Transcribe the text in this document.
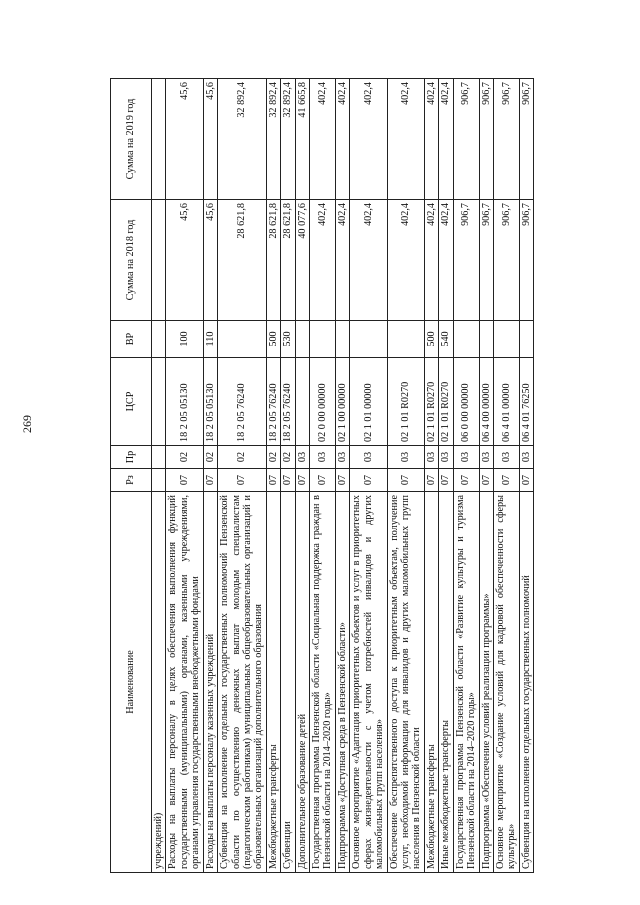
269
Наименование	Рз	Пр	ЦСР	ВР	Сумма на 2018 год	Сумма на 2019 год
учреждений)						
Расходы на выплаты персоналу в целях обеспечения выполнения функций государственными (муниципальными) органами, казенными учреждениями, органами управления государственными внебюджетными фондами	07	02	18 2 05 05130	100	45,6	45,6
Расходы на выплаты персоналу казенных учреждений	07	02	18 2 05 05130	110	45,6	45,6
Субвенция на исполнение отдельных государственных полномочий Пензенской области по осуществлению денежных выплат молодым специалистам (педагогическим работникам) муниципальных общеобразовательных организаций и образовательных организаций дополнительного образования	07	02	18 2 05 76240		28 621,8	32 892,4
Межбюджетные трансферты	07	02	18 2 05 76240	500	28 621,8	32 892,4
Субвенции	07	02	18 2 05 76240	530	28 621,8	32 892,4
Дополнительное образование детей	07	03			40 077,6	41 665,8
Государственная программа Пензенской области «Социальная поддержка граждан в Пензенской области на 2014–2020 годы»	07	03	02 0 00 00000		402,4	402,4
Подпрограмма «Доступная среда в Пензенской области»	07	03	02 1 00 00000		402,4	402,4
Основное мероприятие «Адаптация приоритетных объектов и услуг в приоритетных сферах жизнедеятельности с учетом потребностей инвалидов и других маломобильных групп населения»	07	03	02 1 01 00000		402,4	402,4
Обеспечение беспрепятственного доступа к приоритетным объектам, получение услуг, необходимой информации для инвалидов и других маломобильных групп населения в Пензенской области	07	03	02 1 01 R0270		402,4	402,4
Межбюджетные трансферты	07	03	02 1 01 R0270	500	402,4	402,4
Иные межбюджетные трансферты	07	03	02 1 01 R0270	540	402,4	402,4
Государственная программа Пензенской области «Развитие культуры и туризма Пензенской области на 2014–2020 годы»	07	03	06 0 00 00000		906,7	906,7
Подпрограмма «Обеспечение условий реализации программы»	07	03	06 4 00 00000		906,7	906,7
Основное мероприятие «Создание условий для кадровой обеспеченности сферы культуры»	07	03	06 4 01 00000		906,7	906,7
Субвенция на исполнение отдельных государственных полномочий	07	03	06 4 01 76250		906,7	906,7
